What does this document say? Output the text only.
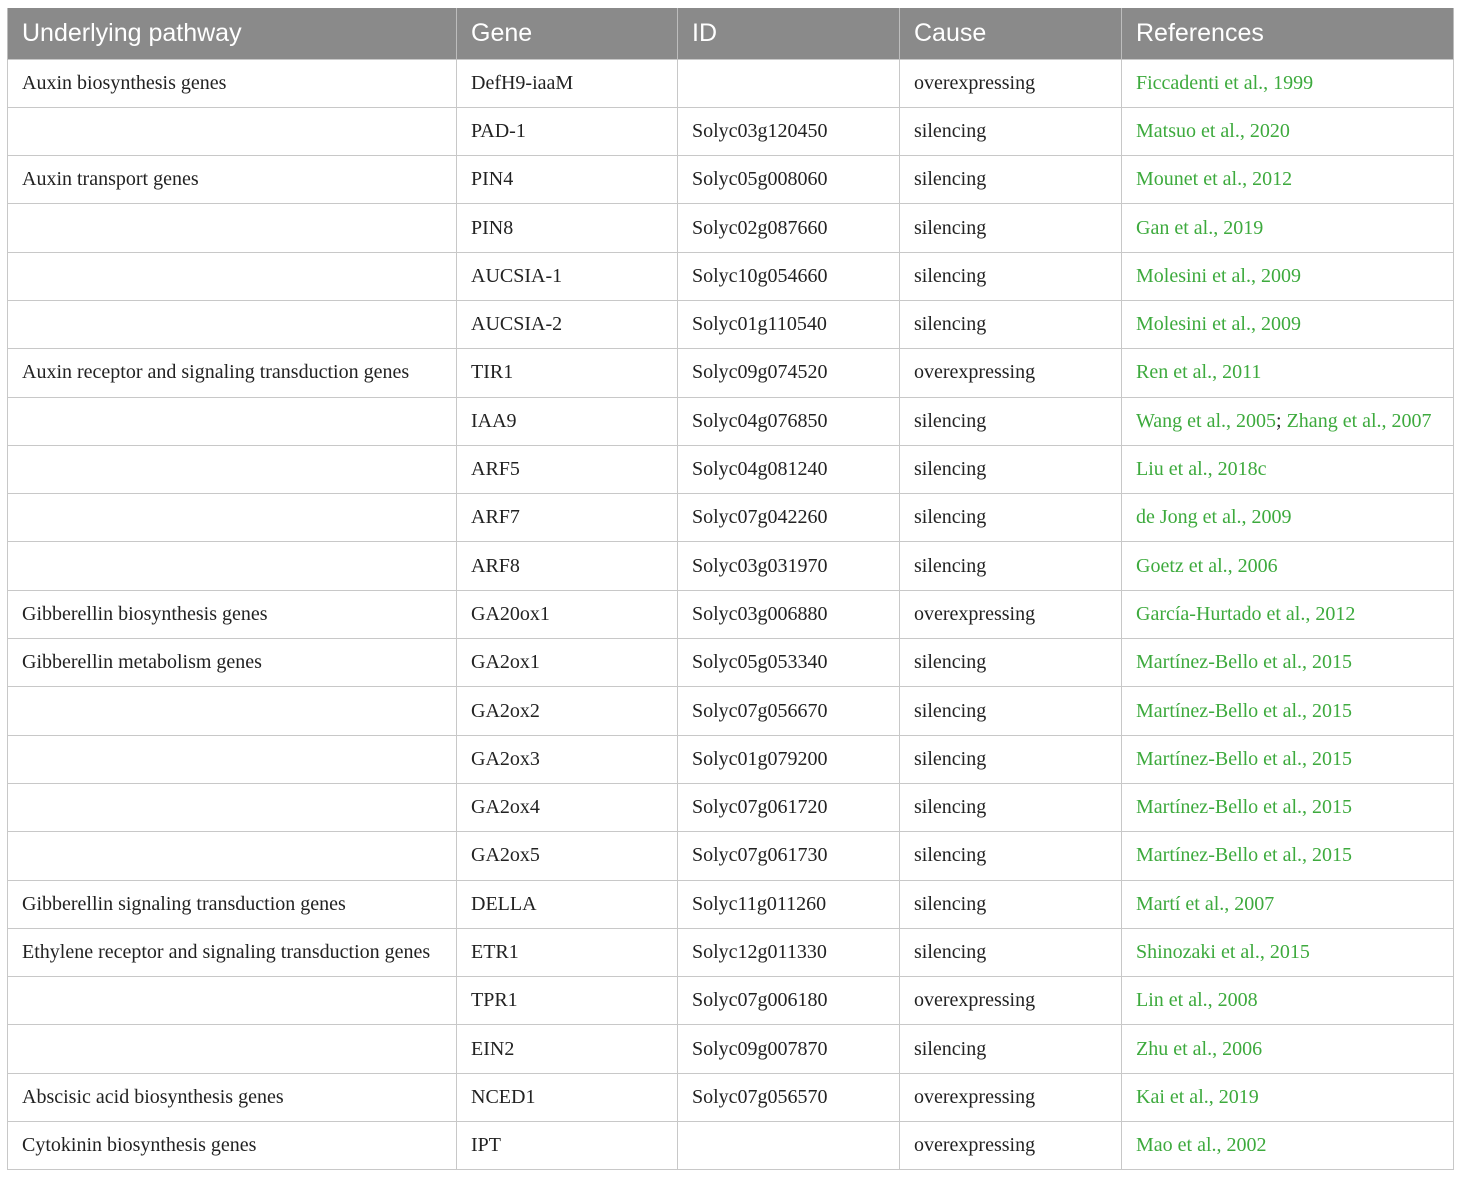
Underlying pathway	Gene	ID	Cause	References
Auxin biosynthesis genes	DefH9-iaaM		overexpressing	Ficcadenti et al., 1999
	PAD-1	Solyc03g120450	silencing	Matsuo et al., 2020
Auxin transport genes	PIN4	Solyc05g008060	silencing	Mounet et al., 2012
	PIN8	Solyc02g087660	silencing	Gan et al., 2019
	AUCSIA-1	Solyc10g054660	silencing	Molesini et al., 2009
	AUCSIA-2	Solyc01g110540	silencing	Molesini et al., 2009
Auxin receptor and signaling transduction genes	TIR1	Solyc09g074520	overexpressing	Ren et al., 2011
	IAA9	Solyc04g076850	silencing	Wang et al., 2005; Zhang et al., 2007
	ARF5	Solyc04g081240	silencing	Liu et al., 2018c
	ARF7	Solyc07g042260	silencing	de Jong et al., 2009
	ARF8	Solyc03g031970	silencing	Goetz et al., 2006
Gibberellin biosynthesis genes	GA20ox1	Solyc03g006880	overexpressing	García-Hurtado et al., 2012
Gibberellin metabolism genes	GA2ox1	Solyc05g053340	silencing	Martínez-Bello et al., 2015
	GA2ox2	Solyc07g056670	silencing	Martínez-Bello et al., 2015
	GA2ox3	Solyc01g079200	silencing	Martínez-Bello et al., 2015
	GA2ox4	Solyc07g061720	silencing	Martínez-Bello et al., 2015
	GA2ox5	Solyc07g061730	silencing	Martínez-Bello et al., 2015
Gibberellin signaling transduction genes	DELLA	Solyc11g011260	silencing	Martí et al., 2007
Ethylene receptor and signaling transduction genes	ETR1	Solyc12g011330	silencing	Shinozaki et al., 2015
	TPR1	Solyc07g006180	overexpressing	Lin et al., 2008
	EIN2	Solyc09g007870	silencing	Zhu et al., 2006
Abscisic acid biosynthesis genes	NCED1	Solyc07g056570	overexpressing	Kai et al., 2019
Cytokinin biosynthesis genes	IPT		overexpressing	Mao et al., 2002
